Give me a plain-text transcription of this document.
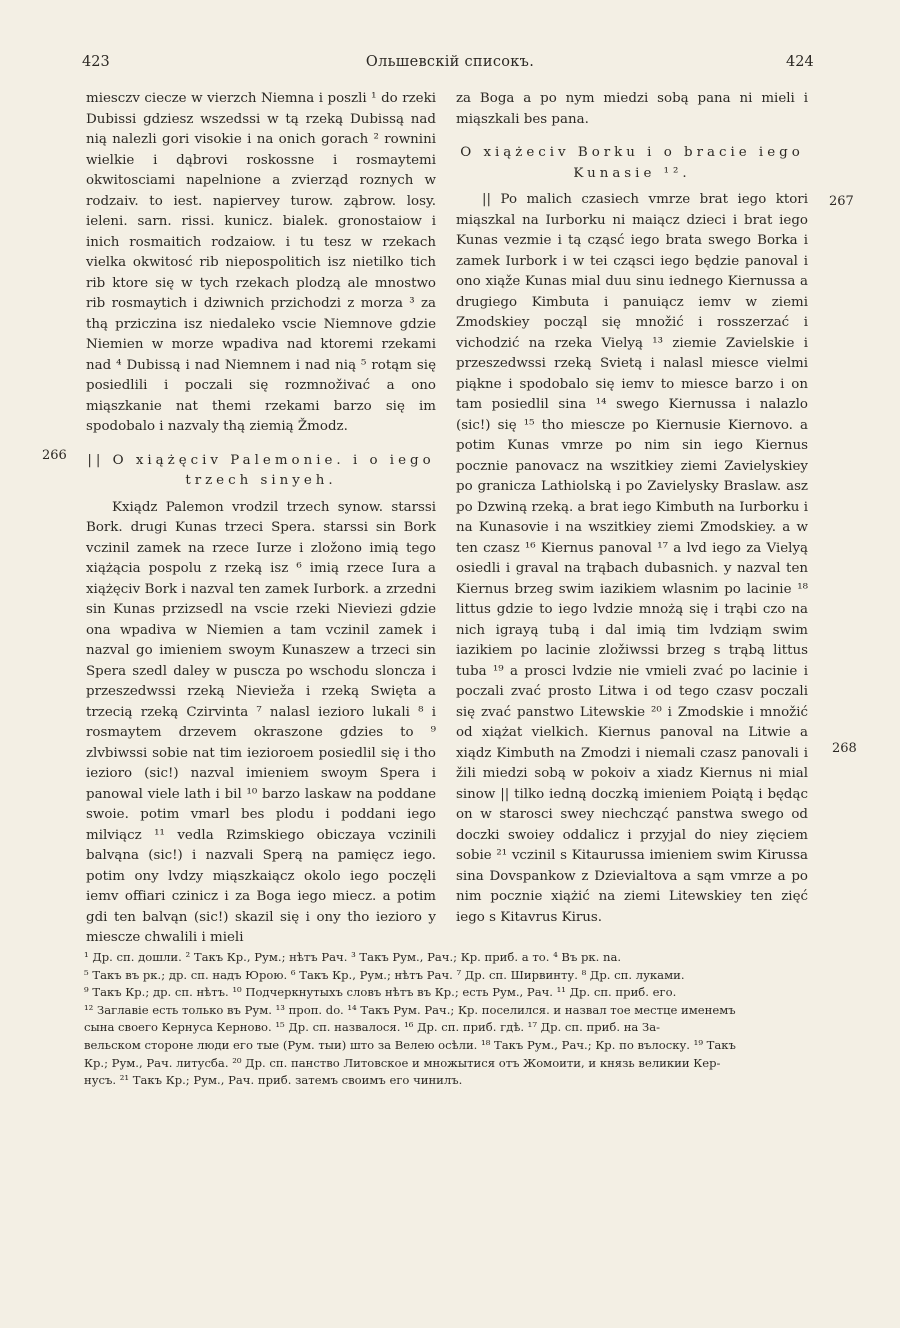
423	Ольшевскій списокъ.	424
266
267
268

miesczv ciecze w vierzch Niemna i poszli ¹ do rzeki Dubissi gdziesz wszedssi w tą rzeką Dubissą nad nią nalezli gori visokie i na onich gorach ² rownini wielkie i dąbrovi roskossne i rosmaytemi okwitosciami napelnione a zvierząd roznych w rodzaiv. to iest. napiervey turow. ząbrow. losy. ieleni. sarn. rissi. kunicz. bialek. gronostaiow i inich rosmaitich rodzaiow. i tu tesz w rzekach vielka okwitosć rib niepospolitich isz nietilko tich rib ktore się w tych rzekach plodzą ale mnostwo rib rosmaytich i dziwnich przichodzi z morza ³ za thą prziczina isz niedaleko vscie Niemnove gdzie Niemien w morze wpadiva nad ktoremi rzekami nad ⁴ Dubissą i nad Niemnem i nad nią ⁵ rotąm się posiedlili i poczali się rozmnoživać a ono miąszkanie nat themi rzekami barzo się im spodobalo i nazvaly thą ziemią Žmodz.

|| O xiążęciv Palemonie. i o iego trzech sinyeh.

Kxiądz Palemon vrodzil trzech synow. starssi Bork. drugi Kunas trzeci Spera. starssi sin Bork vczinil zamek na rzece Iurze i zložono imią tego xiążącia pospolu z rzeką isz ⁶ imią rzece Iura a xiążęciv Bork i nazval ten zamek Iurbork. a zrzedni sin Kunas przizsedl na vscie rzeki Nieviezi gdzie ona wpadiva w Niemien a tam vczinil zamek i nazval go imieniem swoym Kunaszew a trzeci sin Spera szedl daley w puscza po wschodu sloncza i przeszedwssi rzeką Nievieža i rzeką Swięta a trzecią rzeką Czirvinta ⁷ nalasl iezioro lukali ⁸ i rosmaytem drzevem okraszone gdzies to ⁹ zlvbiwssi sobie nat tim iezioroem posiedlil się i tho iezioro (sic!) nazval imieniem swoym Spera i panowal viele lath i bil ¹⁰ barzo laskaw na poddane swoie. potim vmarl bes plodu i poddani iego milviącz ¹¹ vedla Rzimskiego obiczaya vczinili balvąna (sic!) i nazvali Sperą na pamięcz iego. potim ony lvdzy miąszkaiącz okolo iego poczęli iemv offiari czinicz i za Boga iego miecz. a potim gdi ten balvąn (sic!) skazil się i ony tho iezioro y miescze chwalili i mieli

za Boga a po nym miedzi sobą pana ni mieli i miąszkali bes pana.

O xiążeciv Borku i o bracie iego Kunasie ¹².

|| Po malich czasiech vmrze brat iego ktori miąszkal na Iurborku ni maiącz dzieci i brat iego Kunas vezmie i tą cząsć iego brata swego Borka i zamek Iurbork i w tei cząsci iego będzie panoval i ono xiąže Kunas mial duu sinu iednego Kiernussa a drugiego Kimbuta i panuiącz iemv w ziemi Zmodskiey począl się množić i rosszerzać i vichodzić na rzeka Vielyą ¹³ ziemie Zavielskie i przeszedwssi rzeką Svietą i nalasl miesce vielmi piąkne i spodobalo się iemv to miesce barzo i on tam posiedlil sina ¹⁴ swego Kiernussa i nalazlo (sic!) się ¹⁵ tho miescze po Kiernusie Kiernovo. a potim Kunas vmrze po nim sin iego Kiernus pocznie panovacz na wszitkiey ziemi Zavielyskiey po granicza Lathiolską i po Zavielysky Braslaw. asz po Dzwiną rzeką. a brat iego Kimbuth na Iurborku i na Kunasovie i na wszitkiey ziemi Zmodskiey. a w ten czasz ¹⁶ Kiernus panoval ¹⁷ a lvd iego za Vielyą osiedli i graval na trąbach dubasnich. y nazval ten Kiernus brzeg swim iazikiem wlasnim po lacinie ¹⁸ littus gdzie to iego lvdzie mnożą się i trąbi czo na nich igrayą tubą i dal imią tim lvdziąm swim iazikiem po lacinie zložiwssi brzeg s trąbą littus tuba ¹⁹ a prosci lvdzie nie vmieli zvać po lacinie i poczali zvać prosto Litwa i od tego czasv poczali się zvać panstwo Litewskie ²⁰ i Zmodskie i množić od xiążat vielkich. Kiernus panoval na Litwie a xiądz Kimbuth na Zmodzi i niemali czasz panovali i žili miedzi sobą w pokoiv a xiadz Kiernus ni mial sinow || tilko iedną doczką imieniem Poiątą i będąc on w starosci swey niechcząć panstwa swego od doczki swoiey oddalicz i przyjal do niey zięciem sobie ²¹ vczinil s Kitaurussa imieniem swim Kirussa sina Dovspankow z Dzievialtova a sąm vmrze a po nim pocznie xiążić na ziemi Litewskiey ten zięć iego s Kitavrus Kirus.

¹ Др. сп. дошли. ² Такъ Кр., Рум.; нѣтъ Рач. ³ Такъ Рум., Рач.; Кр. приб. а то. ⁴ Въ рк. na.

⁵ Такъ въ рк.; др. сп. надъ Юрою. ⁶ Такъ Кр., Рум.; нѣтъ Рач. ⁷ Др. сп. Ширвинту. ⁸ Др. сп. луками.

⁹ Такъ Кр.; др. сп. нѣтъ. ¹⁰ Подчеркнутыхъ словъ нѣтъ въ Кр.; есть Рум., Рач. ¹¹ Др. сп. приб. его.

¹² Заглавіе есть только въ Рум. ¹³ прoп. do. ¹⁴ Такъ Рум. Рач.; Кр. поселился. и назвал тое местце именемъ

сына своего Кернуса Керново. ¹⁵ Др. сп. назвалося. ¹⁶ Др. сп. приб. гдѣ. ¹⁷ Др. сп. приб. на За-

вельском стороне люди его тые (Рум. тыи) што за Велею осѣли. ¹⁸ Такъ Рум., Рач.; Кр. по вълоску. ¹⁹ Такъ

Кр.; Рум., Рач. литусба. ²⁰ Др. сп. панство Литовское и множытися отъ Жомоити, и князь великии Кер-

нусъ. ²¹ Такъ Кр.; Рум., Рач. приб. затемъ своимъ его чинилъ.
